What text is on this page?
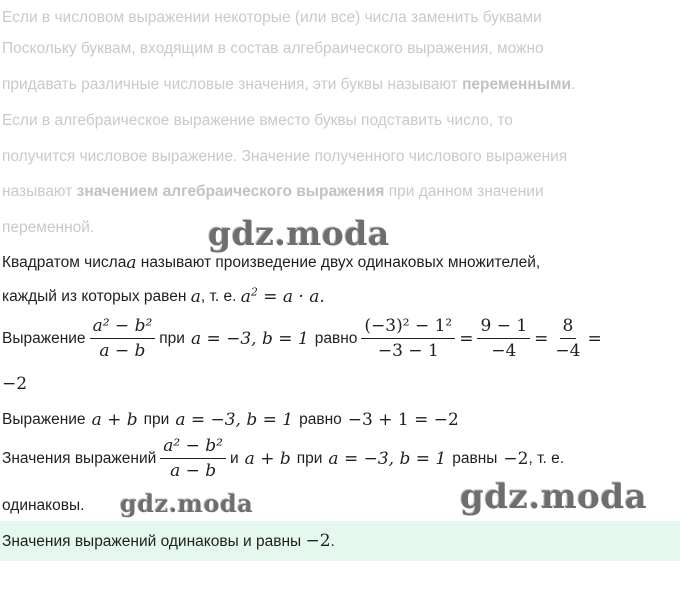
Если в числовом выражении некоторые (или все) числа заменить буквами
Поскольку буквам, входящим в состав алгебраического выражения, можно
придавать различные числовые значения, эти буквы называют переменными.
Если в алгебраическое выражение вместо буквы подставить число, то
получится числовое выражение. Значение полученного числового выражения
называют значением алгебраического выражения при данном значении
переменной.	gdz.moda
gdz.moda	gdz.moda
Квадратом числа a называют произведение двух одинаковых множителей,
каждый из которых равен a , т. е. $a^2 = a \cdot a$.
Выражение $\frac{\text{a² − b²}}{a - b}$ при a = −3, b = 1 равно $\frac{\text{(−3)² − 1²}}{-3 - 1} = \frac{9 - 1}{-4} = \frac{8}{-4}$ =
−2
Выражение a + b при a = −3, b = 1 равно −3 + 1 = −2
Значения выражений $\frac{\text{a² − b²}}{a - b}$ и a + b при a = −3, b = 1 равны −2 , т. е.
одинаковы.
Значения выражений одинаковы и равны −2.
